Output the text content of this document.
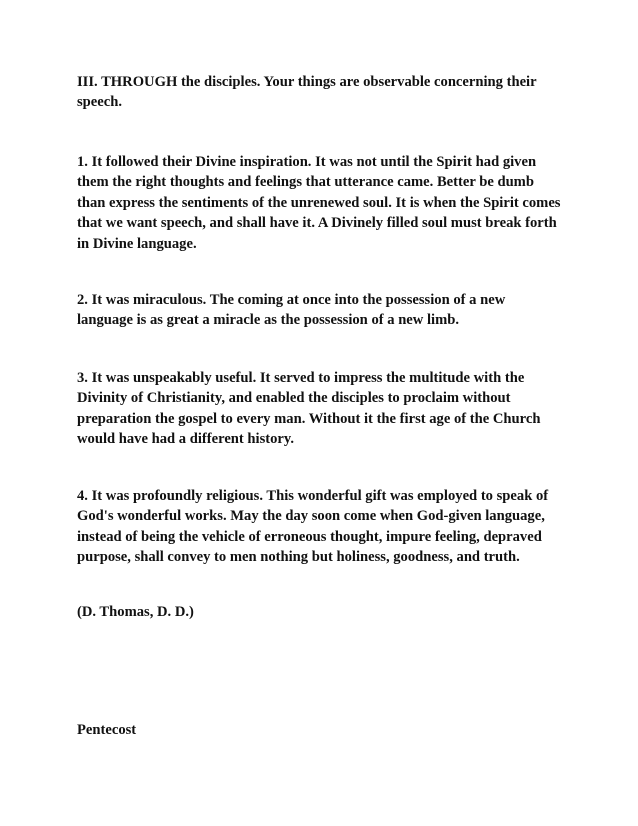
III. THROUGH the disciples. Your things are observable concerning their
speech.

1. It followed their Divine inspiration. It was not until the Spirit had given
them the right thoughts and feelings that utterance came. Better be dumb
than express the sentiments of the unrenewed soul. It is when the Spirit comes
that we want speech, and shall have it. A Divinely filled soul must break forth
in Divine language.

2. It was miraculous. The coming at once into the possession of a new
language is as great a miracle as the possession of a new limb.

3. It was unspeakably useful. It served to impress the multitude with the
Divinity of Christianity, and enabled the disciples to proclaim without
preparation the gospel to every man. Without it the first age of the Church
would have had a different history.

4. It was profoundly religious. This wonderful gift was employed to speak of
God's wonderful works. May the day soon come when God-given language,
instead of being the vehicle of erroneous thought, impure feeling, depraved
purpose, shall convey to men nothing but holiness, goodness, and truth.

(D. Thomas, D. D.)

Pentecost
